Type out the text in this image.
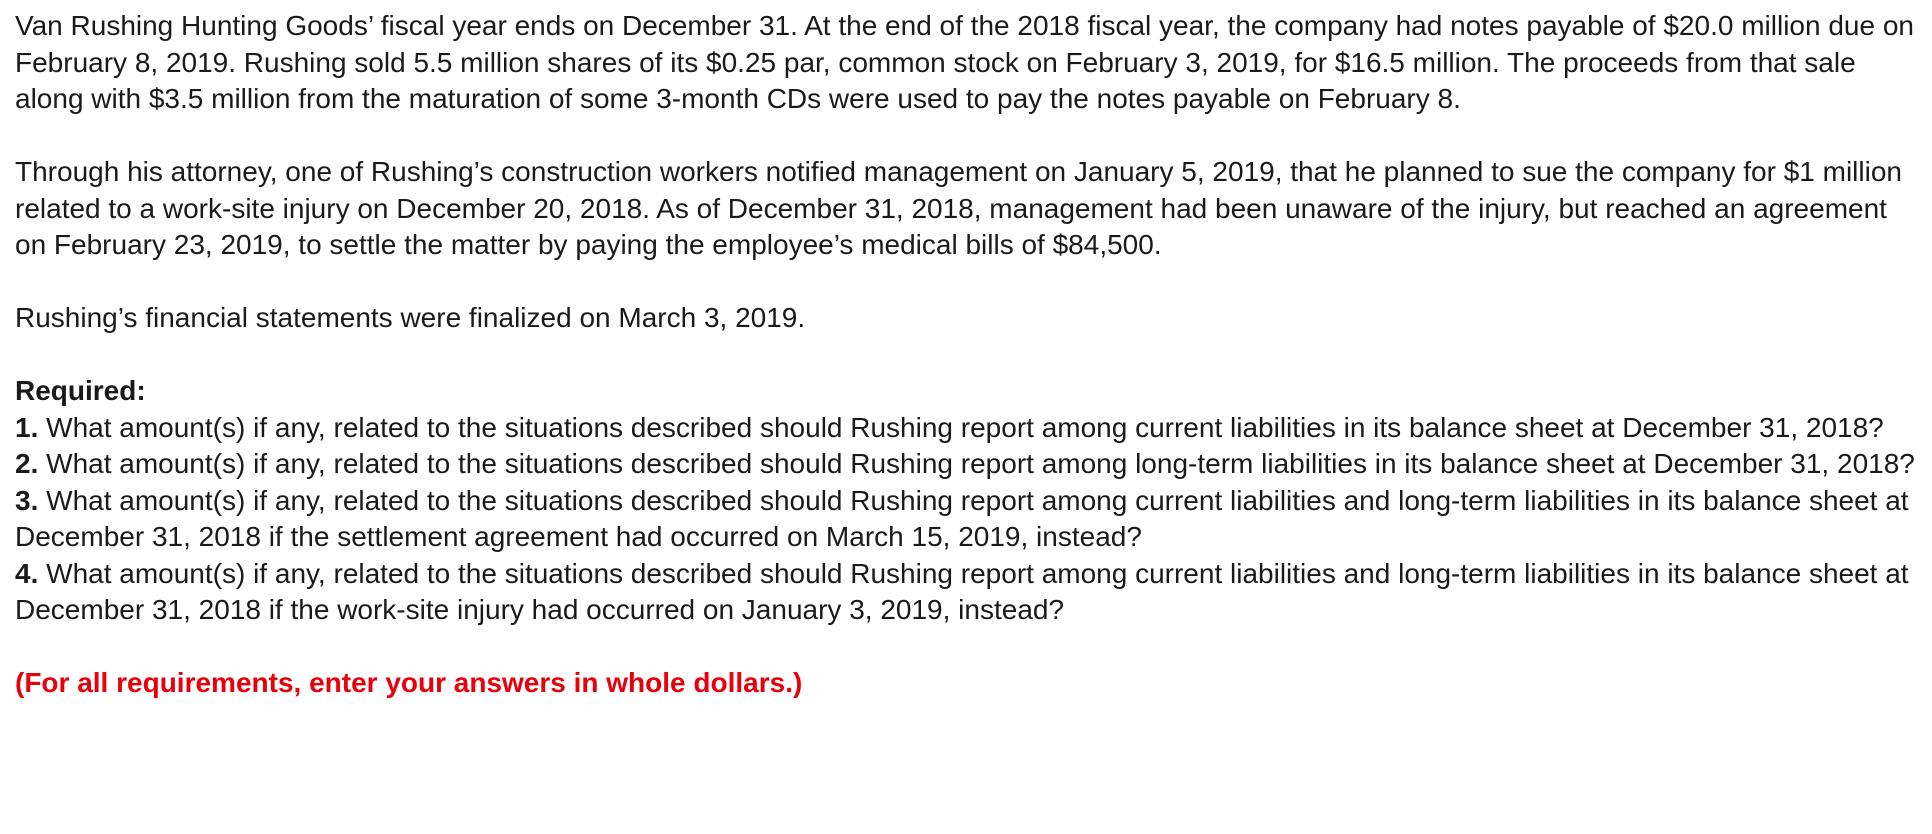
Van Rushing Hunting Goods’ fiscal year ends on December 31. At the end of the 2018 fiscal year, the company had notes payable of $20.0 million due on February 8, 2019. Rushing sold 5.5 million shares of its $0.25 par, common stock on February 3, 2019, for $16.5 million. The proceeds from that sale along with $3.5 million from the maturation of some 3-month CDs were used to pay the notes payable on February 8.

Through his attorney, one of Rushing’s construction workers notified management on January 5, 2019, that he planned to sue the company for $1 million related to a work-site injury on December 20, 2018. As of December 31, 2018, management had been unaware of the injury, but reached an agreement on February 23, 2019, to settle the matter by paying the employee’s medical bills of $84,500.

Rushing’s financial statements were finalized on March 3, 2019.

Required:

1. What amount(s) if any, related to the situations described should Rushing report among current liabilities in its balance sheet at December 31, 2018?

2. What amount(s) if any, related to the situations described should Rushing report among long-term liabilities in its balance sheet at December 31, 2018?

3. What amount(s) if any, related to the situations described should Rushing report among current liabilities and long-term liabilities in its balance sheet at December 31, 2018 if the settlement agreement had occurred on March 15, 2019, instead?

4. What amount(s) if any, related to the situations described should Rushing report among current liabilities and long-term liabilities in its balance sheet at December 31, 2018 if the work-site injury had occurred on January 3, 2019, instead?

(For all requirements, enter your answers in whole dollars.)
